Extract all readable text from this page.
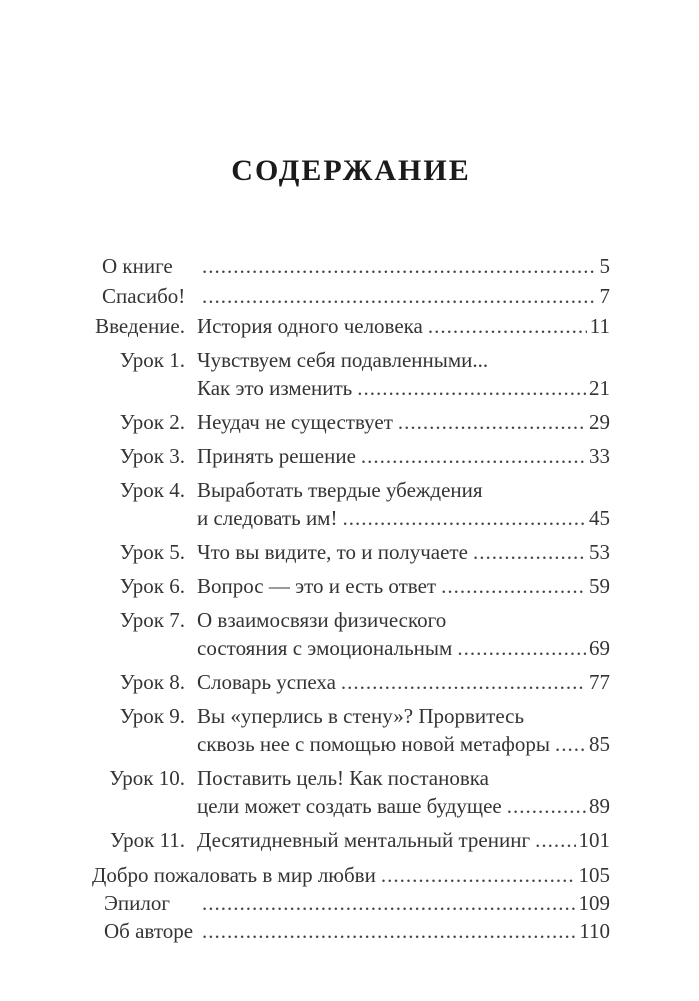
СОДЕРЖАНИЕ
О книге .....	5
Спасибо! .....	7
Введение. История одного человека .....	11
Урок 1. Чувствуем себя подавленными...
Как это изменить .....	21
Урок 2. Неудач не существует .....	29
Урок 3. Принять решение .....	33
Урок 4. Выработать твердые убеждения
и следовать им! .....	45
Урок 5. Что вы видите, то и получаете .....	53
Урок 6. Вопрос — это и есть ответ .....	59
Урок 7. О взаимосвязи физического
состояния с эмоциональным .....	69
Урок 8. Словарь успеха .....	77
Урок 9. Вы «уперлись в стену»? Прорвитесь
сквозь нее с помощью новой метафоры ..... 85
Урок 10. Поставить цель! Как постановка
цели может создать ваше будущее .....	89
Урок 11. Десятидневный ментальный тренинг ..... 101
Добро пожаловать в мир любви .....	105
Эпилог .....	109
Об авторе .....	110
